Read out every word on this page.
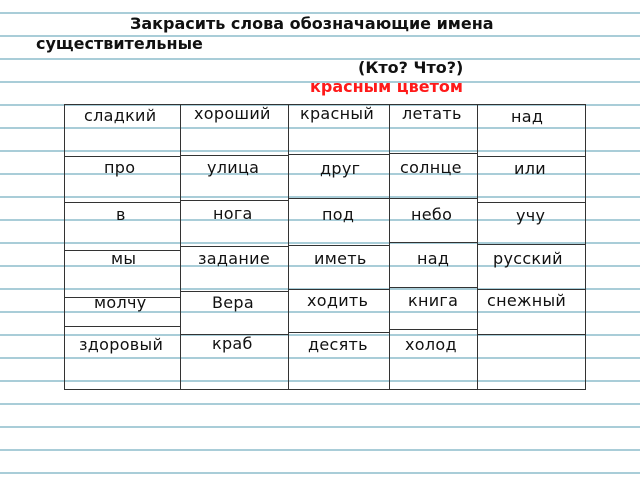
Закрасить слова обозначающие имена
существительные
(Кто? Что?)
красным цветом
сладкий
про
в
мы
молчу
здоровый
хороший
улица
нога
задание
Вера
краб
красный
друг
под
иметь
ходить
десять
летать
солнце
небо
над
книга
холод
над
или
учу
русский
снежный
